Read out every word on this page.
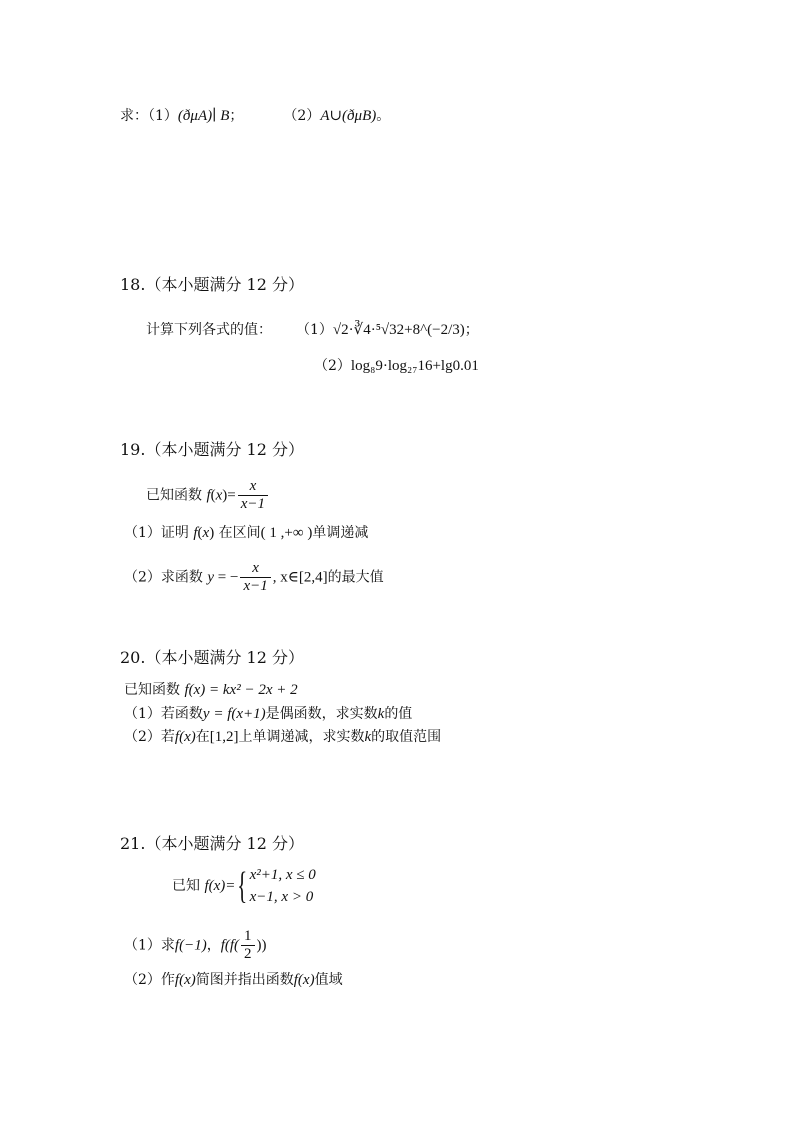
求：（1）(ðμA)∣ B；	（2）A∪(ðμB)。
18.（本小题满分 12 分）
计算下列各式的值： （1）√2·∛4·⁵√32+8^(−2/3)；
（2）log₈9·log₂₇16+lg0.01
19.（本小题满分 12 分）
已知函数 $f(x)= \frac{x}{x-1}$
（1）证明 f(x) 在区间( 1 ,+∞ )单调递减
（2）求函数 y = − $\frac{x}{x-1}$ , x∈[2,4]的最大值
20.（本小题满分 12 分）
已知函数 f(x) = kx² − 2x + 2
（1）若函数y = f(x+1)是偶函数，求实数k的值
（2）若f(x)在[1,2]上单调递减，求实数k的取值范围
21.（本小题满分 12 分）
已知 f(x)= { x²+1, x ≤ 0
x−1, x > 0
（1）求f(−1)，$f(f( \frac{1}{2}$ ))
（2）作f(x)简图并指出函数f(x)值域
